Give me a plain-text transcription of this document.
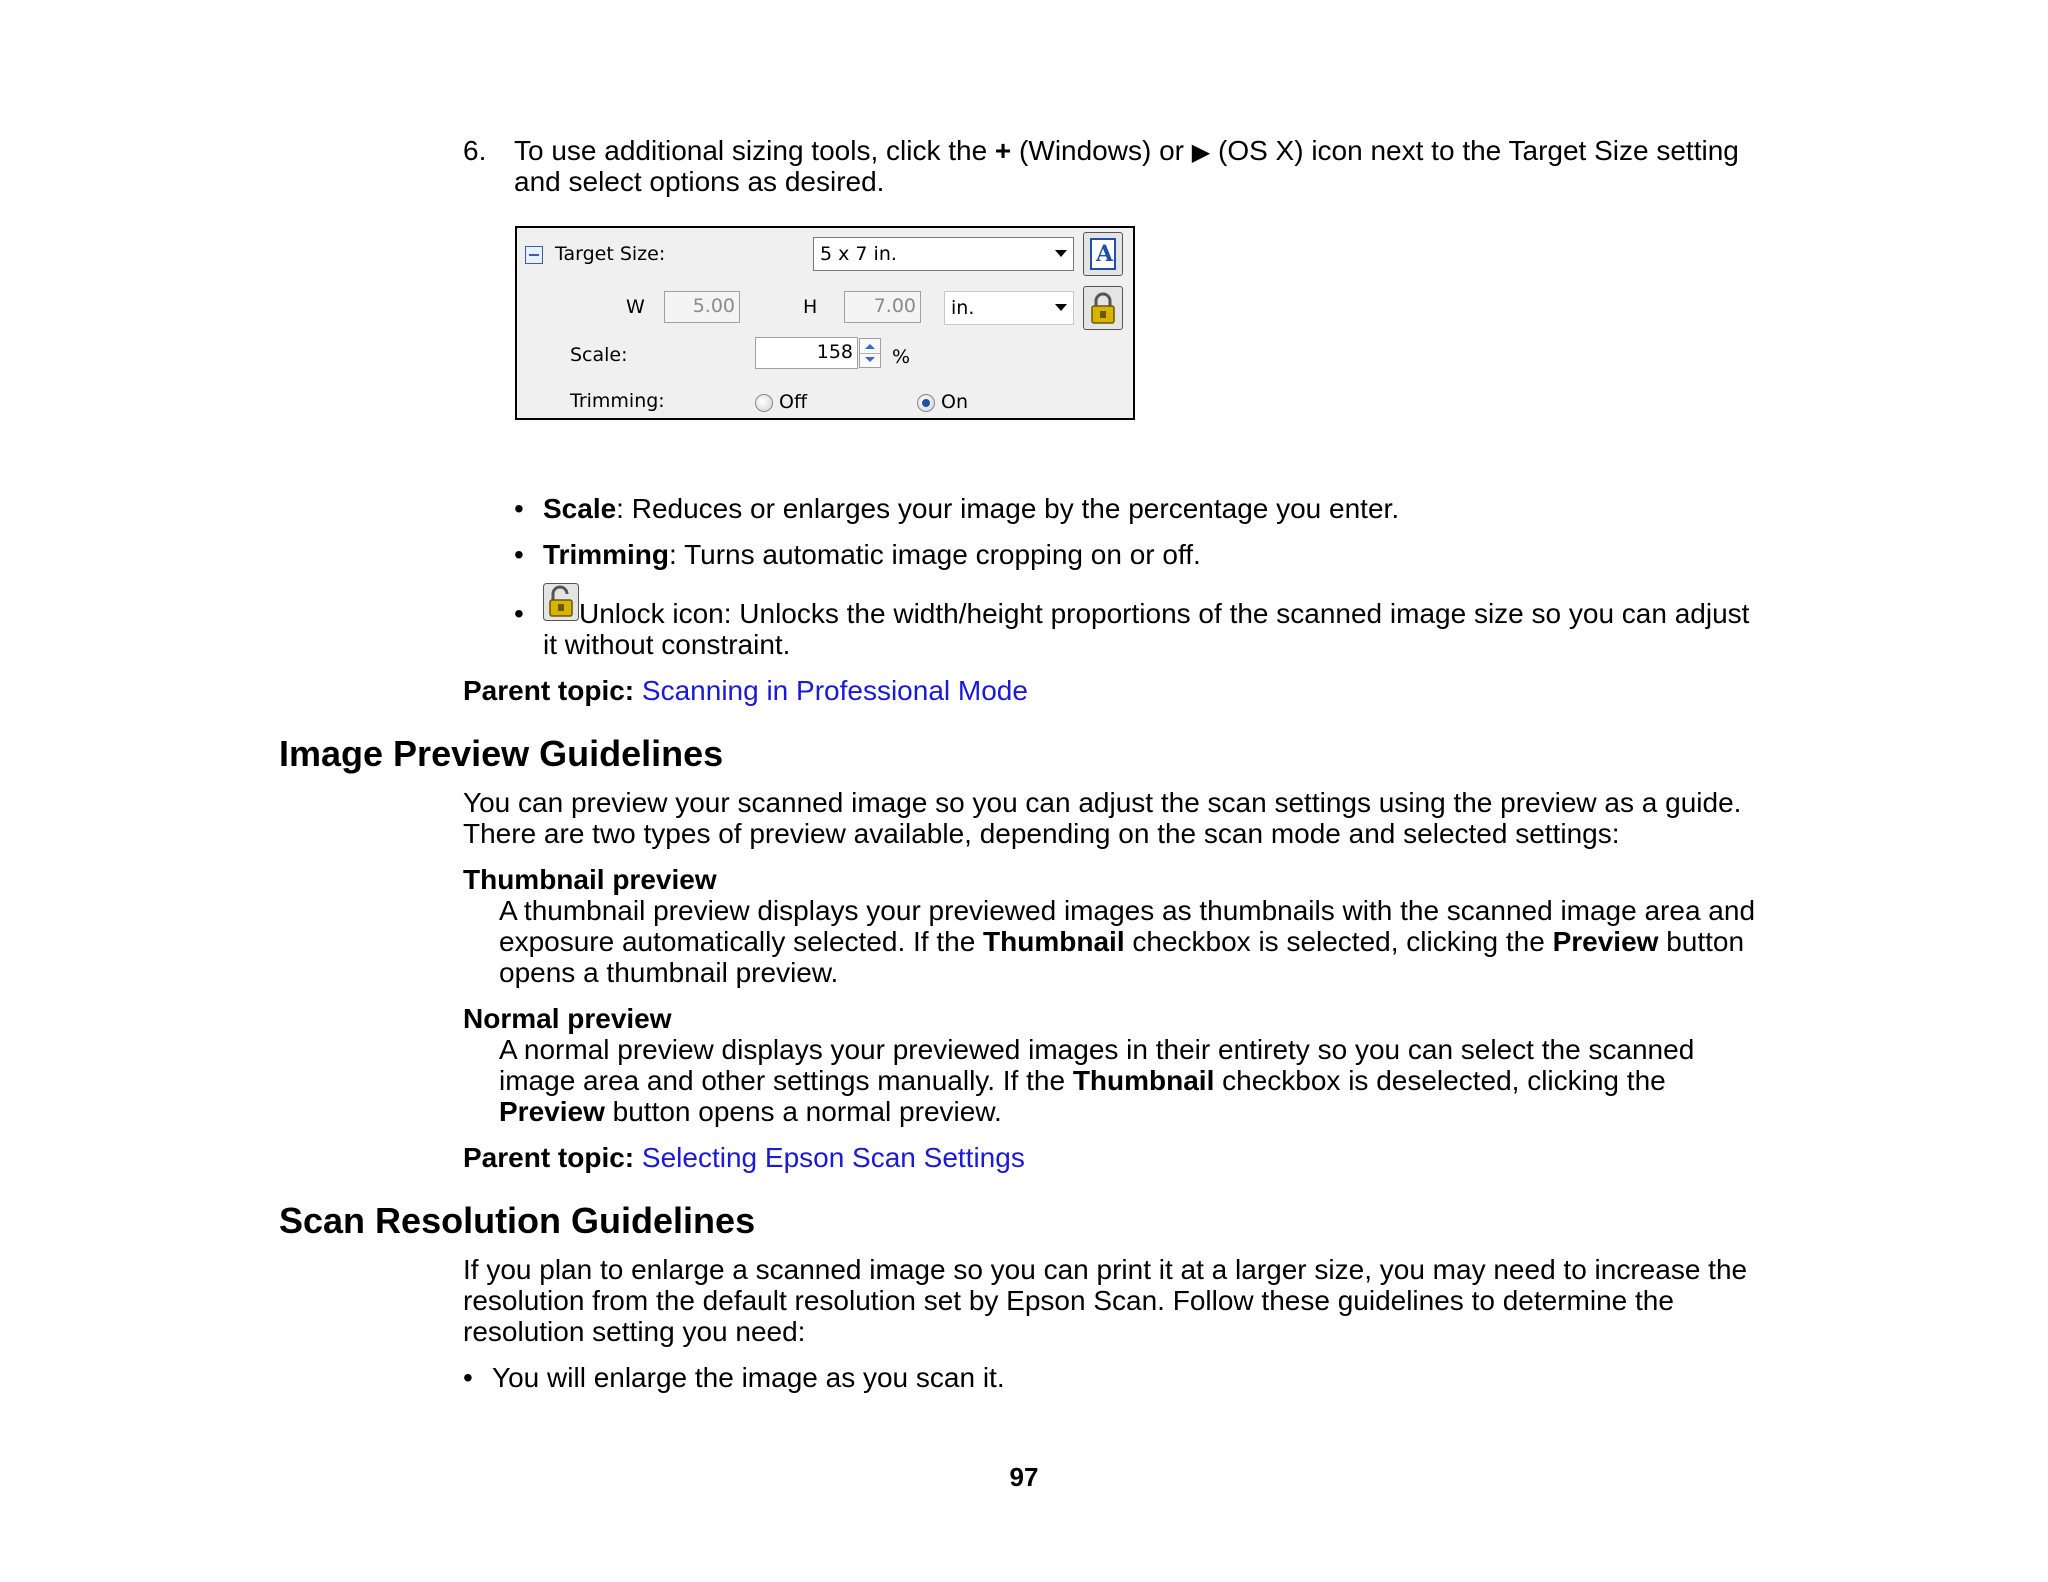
6. To use additional sizing tools, click the + (Windows) or ▶ (OS X) icon next to the Target Size setting
and select options as desired.
Target Size:	5 x 7 in.	A
W	5.00	H	7.00 in.
Scale:	158 %
Trimming:	Off	On
• Scale: Reduces or enlarges your image by the percentage you enter.
• Trimming: Turns automatic image cropping on or off.
• Unlock icon: Unlocks the width/height proportions of the scanned image size so you can adjust
it without constraint.
Parent topic: Scanning in Professional Mode
Image Preview Guidelines
You can preview your scanned image so you can adjust the scan settings using the preview as a guide.
There are two types of preview available, depending on the scan mode and selected settings:
Thumbnail preview
A thumbnail preview displays your previewed images as thumbnails with the scanned image area and
exposure automatically selected. If the Thumbnail checkbox is selected, clicking the Preview button
opens a thumbnail preview.
Normal preview
A normal preview displays your previewed images in their entirety so you can select the scanned
image area and other settings manually. If the Thumbnail checkbox is deselected, clicking the
Preview button opens a normal preview.
Parent topic: Selecting Epson Scan Settings
Scan Resolution Guidelines
If you plan to enlarge a scanned image so you can print it at a larger size, you may need to increase the
resolution from the default resolution set by Epson Scan. Follow these guidelines to determine the
resolution setting you need:
• You will enlarge the image as you scan it.
97
